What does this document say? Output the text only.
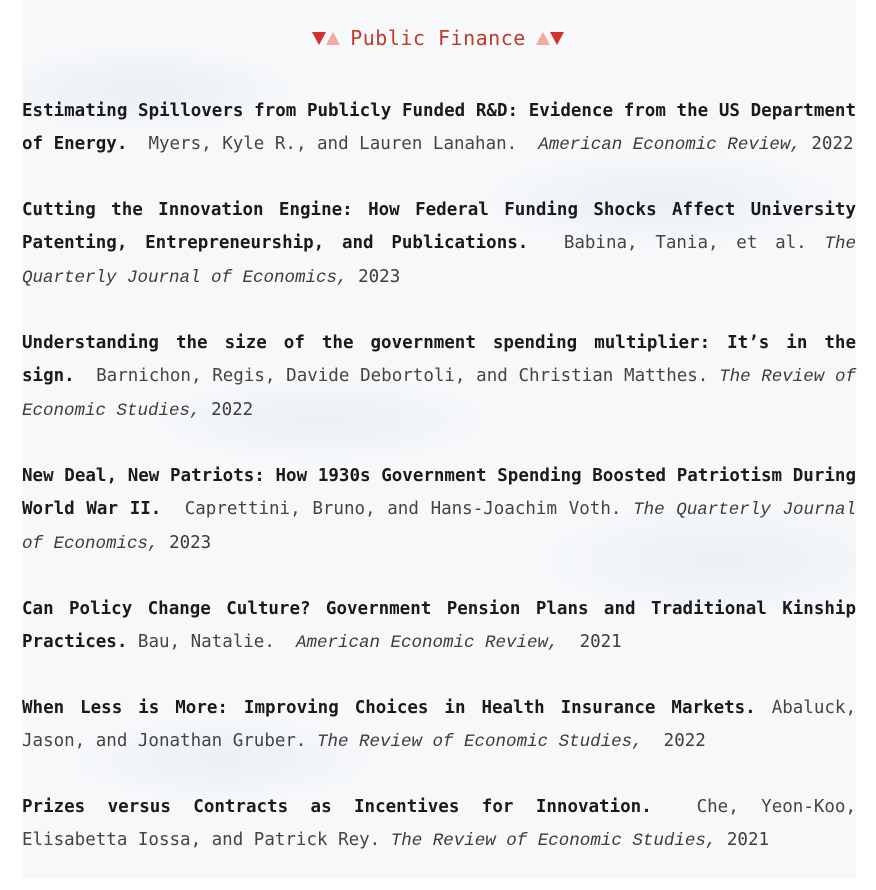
Public Finance

Estimating Spillovers from Publicly Funded R&D: Evidence from the US Department of Energy. Myers, Kyle R., and Lauren Lanahan. American Economic Review, 2022

Cutting the Innovation Engine: How Federal Funding Shocks Affect University Patenting, Entrepreneurship, and Publications. Babina, Tania, et al. The Quarterly Journal of Economics, 2023

Understanding the size of the government spending multiplier: It’s in the sign. Barnichon, Regis, Davide Debortoli, and Christian Matthes. The Review of Economic Studies, 2022

New Deal, New Patriots: How 1930s Government Spending Boosted Patriotism During World War II. Caprettini, Bruno, and Hans-Joachim Voth. The Quarterly Journal of Economics, 2023

Can Policy Change Culture? Government Pension Plans and Traditional Kinship Practices. Bau, Natalie. American Economic Review, 2021

When Less is More: Improving Choices in Health Insurance Markets. Abaluck, Jason, and Jonathan Gruber. The Review of Economic Studies, 2022

Prizes versus Contracts as Incentives for Innovation.	Che, Yeon-Koo, Elisabetta Iossa, and Patrick Rey. The Review of Economic Studies, 2021
